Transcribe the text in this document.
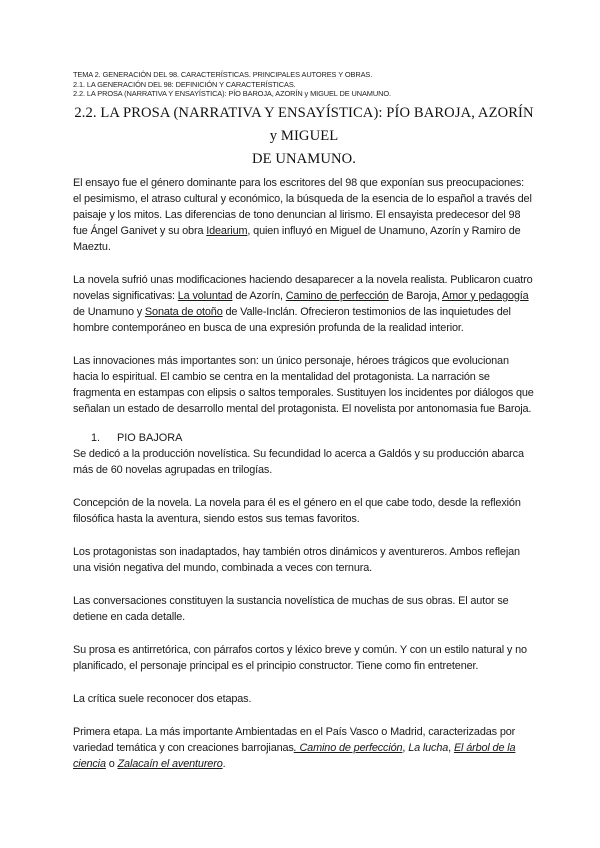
TEMA 2. GENERACIÓN DEL 98. CARACTERÍSTICAS. PRINCIPALES AUTORES Y OBRAS.
2.1. LA GENERACIÓN DEL 98: DEFINICIÓN Y CARACTERÍSTICAS.
2.2. LA PROSA (NARRATIVA Y ENSAYÍSTICA): PÍO BAROJA, AZORÍN y MIGUEL DE UNAMUNO.
2.2. LA PROSA (NARRATIVA Y ENSAYÍSTICA): PÍO BAROJA, AZORÍN y MIGUEL
DE UNAMUNO.

El ensayo fue el género dominante para los escritores del 98 que exponían sus preocupaciones: el pesimismo, el atraso cultural y económico, la búsqueda de la esencia de lo español a través del paisaje y los mitos. Las diferencias de tono denuncian al lirismo. El ensayista predecesor del 98 fue Ángel Ganivet y su obra Idearium, quien influyó en Miguel de Unamuno, Azorín y Ramiro de Maeztu.

La novela sufrió unas modificaciones haciendo desaparecer a la novela realista. Publicaron cuatro novelas significativas: La voluntad de Azorín, Camino de perfección de Baroja, Amor y pedagogía de Unamuno y Sonata de otoño de Valle-Inclán. Ofrecieron testimonios de las inquietudes del hombre contemporáneo en busca de una expresión profunda de la realidad interior.

Las innovaciones más importantes son: un único personaje, héroes trágicos que evolucionan hacia lo espiritual. El cambio se centra en la mentalidad del protagonista. La narración se fragmenta en estampas con elipsis o saltos temporales. Sustituyen los incidentes por diálogos que señalan un estado de desarrollo mental del protagonista. El novelista por antonomasia fue Baroja.

1. PIO BAJORA

Se dedicó a la producción novelística. Su fecundidad lo acerca a Galdós y su producción abarca más de 60 novelas agrupadas en trilogías.

Concepción de la novela. La novela para él es el género en el que cabe todo, desde la reflexión filosófica hasta la aventura, siendo estos sus temas favoritos.

Los protagonistas son inadaptados, hay también otros dinámicos y aventureros. Ambos reflejan una visión negativa del mundo, combinada a veces con ternura.

Las conversaciones constituyen la sustancia novelística de muchas de sus obras. El autor se detiene en cada detalle.

Su prosa es antirretórica, con párrafos cortos y léxico breve y común. Y con un estilo natural y no planificado, el personaje principal es el principio constructor. Tiene como fin entretener.

La crítica suele reconocer dos etapas.

Primera etapa. La más importante Ambientadas en el País Vasco o Madrid, caracterizadas por variedad temática y con creaciones barrojianas. Camino de perfección, La lucha, El árbol de la ciencia o Zalacaín el aventurero.
